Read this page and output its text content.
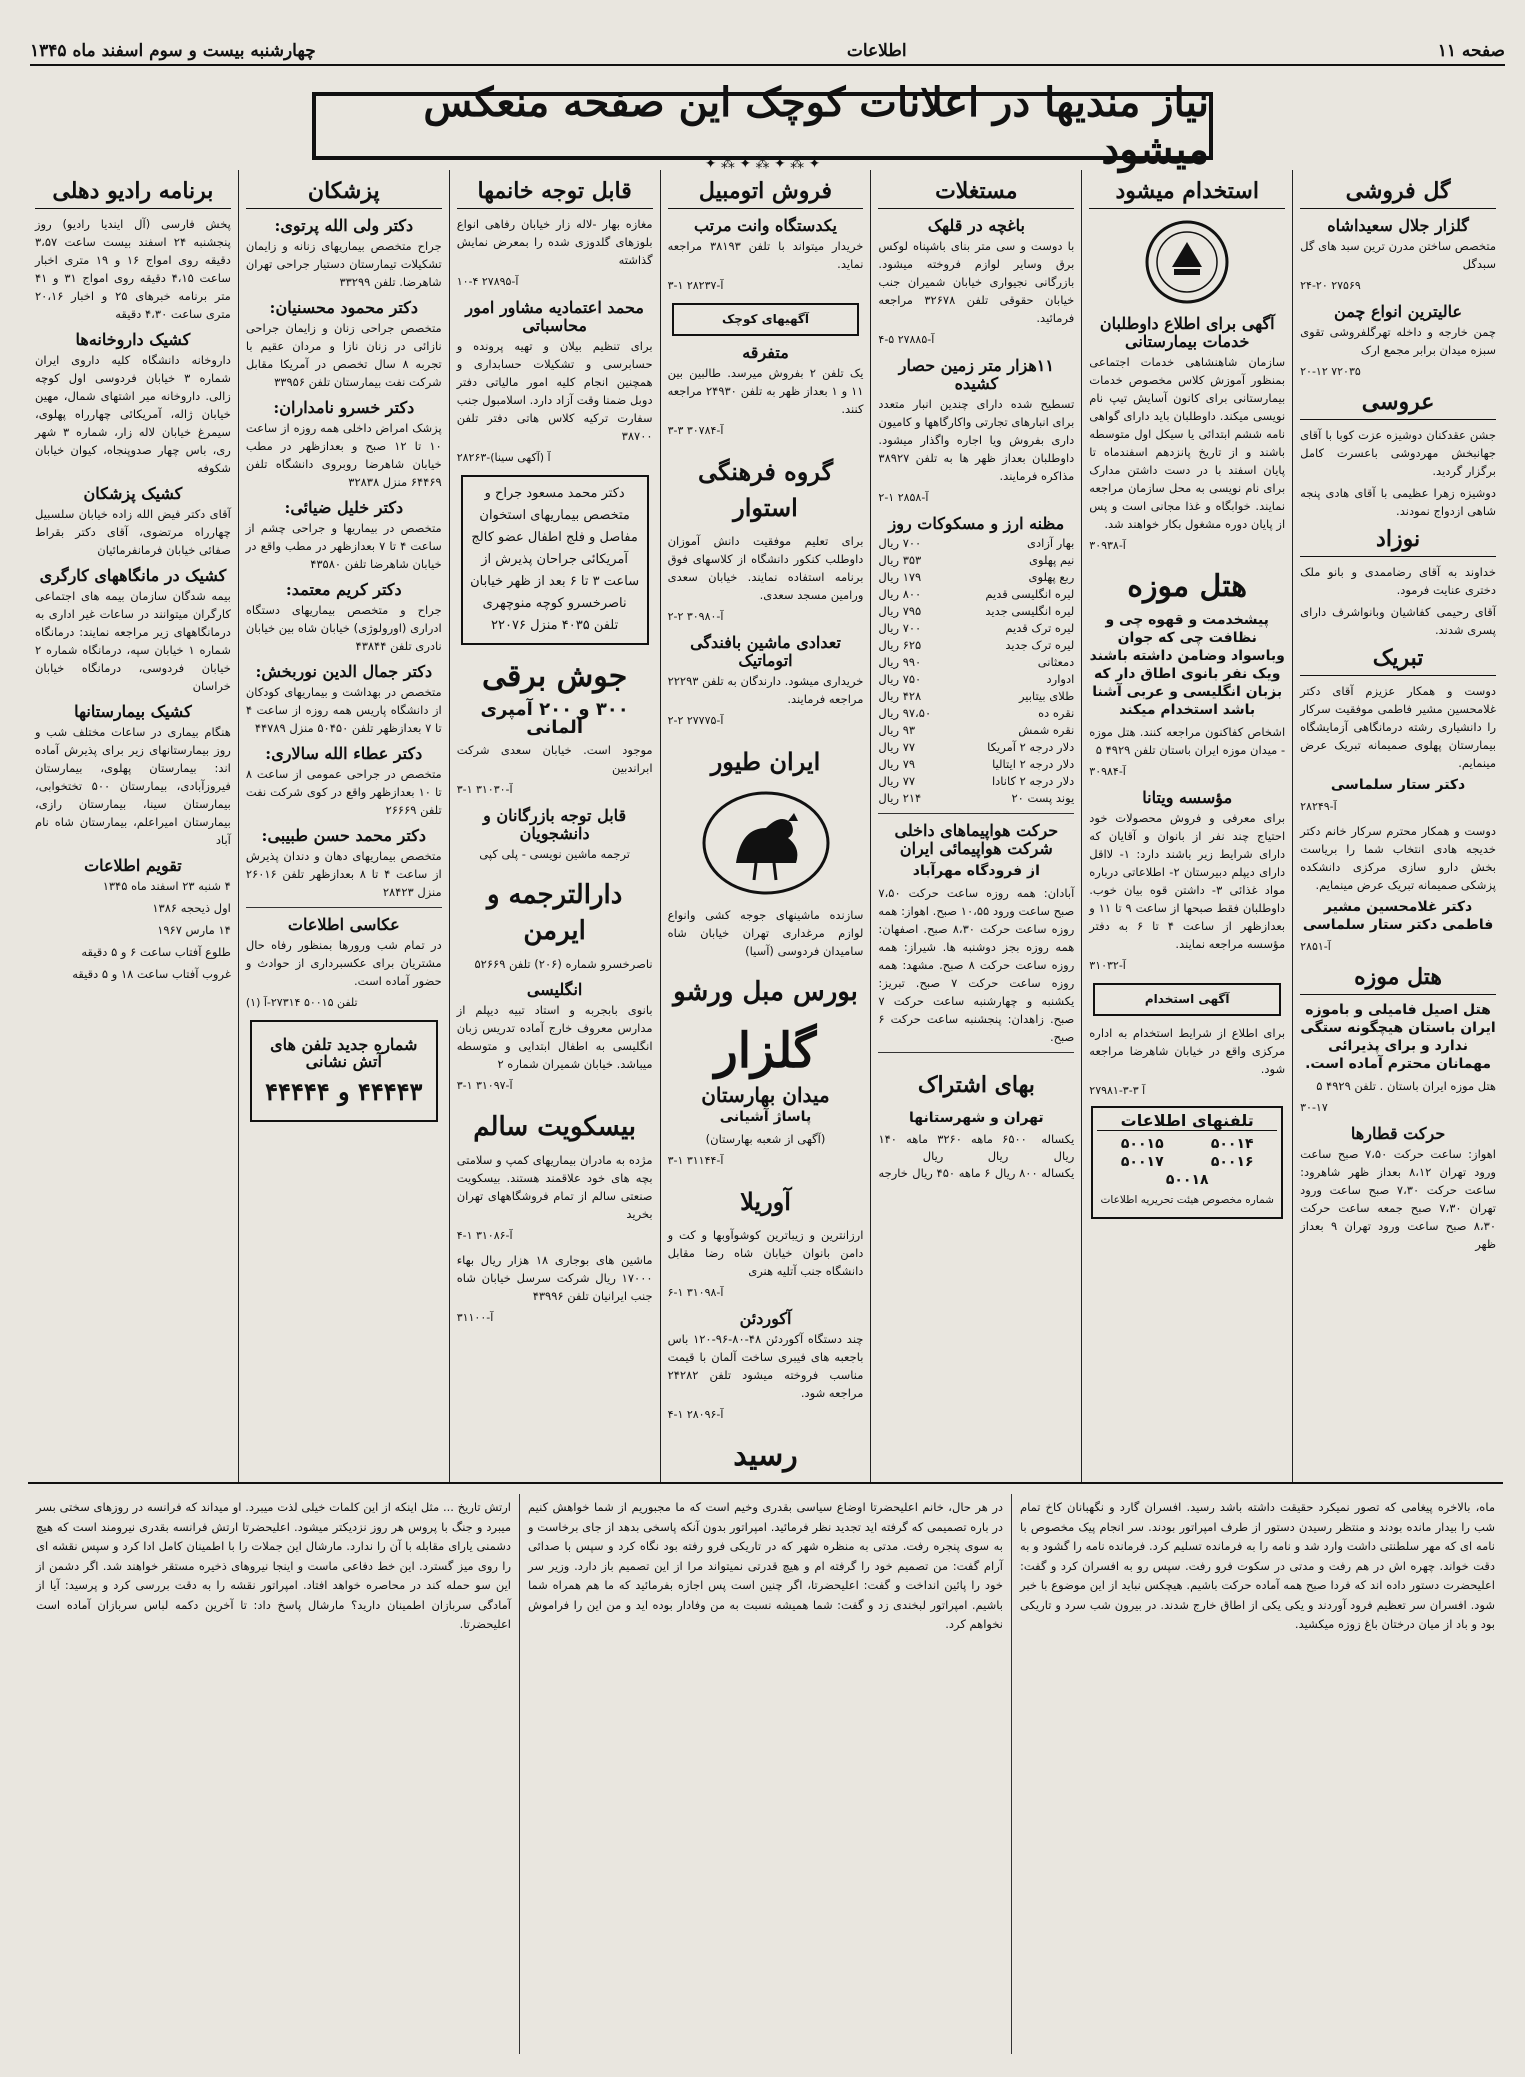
صفحه ۱۱
اطلاعات
چهارشنبه بیست و سوم اسفند ماه ۱۳۴۵
نیاز مندیها در اعلانات کوچک این صفحه منعکس میشود
✦ ⁂ ✦ ⁂ ✦ ⁂ ✦
گل فروشی
گلزار جلال سعیداشاه
متخصص ساختن مدرن ترین سبد های گل سبدگل
۲۴-۲۰ ۲۷۵۶۹
عالیترین انواع چمن
چمن خارجه و داخله تهرگلفروشی تقوی سبزه میدان برابر مجمع ارک
۲۰-۱۲ ۷۲۰۳۵
عروسی
جشن عقدکنان دوشیزه عزت کوبا با آقای جهانبخش مهردوشی باعسرت کامل برگزار گردید.
دوشیزه زهرا عظیمی با آقای هادی پنجه شاهی ازدواج نمودند.
نوزاد
خداوند به آقای رضاممدی و بانو ملک دختری عنایت فرمود.
آقای رحیمی کفاشیان وبانواشرف دارای پسری شدند.
تبریک
دوست و همکار عزیزم آقای دکتر غلامحسین مشیر فاطمی موفقیت سرکار را دانشیاری رشته درمانگاهی آزمایشگاه بیمارستان پهلوی صمیمانه تبریک عرض مینمایم.
دکتر ستار سلماسی
۲۸۲۴۹-آ
دوست و همکار محترم سرکار خانم دکتر خدیجه هادی انتخاب شما را بریاست بخش دارو سازی مرکزی دانشکده پزشکی صمیمانه تبریک عرض مینمایم.
دکتر غلامحسین مشیر فاطمی دکتر ستار سلماسی
۲۸۵۱-آ
هتل موزه
هتل اصیل فامیلی و باموزه ایران باستان هیچگونه ستگی ندارد و برای پذیرائی مهمانان محترم آماده است.
هتل موزه ایران باستان . تلفن ۴۹۲۹ ۵
۳۰-۱۷
حرکت قطارها
اهواز: ساعت حرکت ۷،۵۰ صبح ساعت ورود تهران ۸،۱۲ بعداز ظهر شاهرود: ساعت حرکت ۷،۳۰ صبح ساعت ورود تهران ۷،۳۰ صبح جمعه ساعت حرکت ۸،۳۰ صبح ساعت ورود تهران ۹ بعداز ظهر
استخدام میشود
آگهی برای اطلاع داوطلبان خدمات بیمارستانی
سازمان شاهنشاهی خدمات اجتماعی بمنظور آموزش کلاس مخصوص خدمات بیمارستانی برای کانون آسایش تیپ نام نویسی میکند. داوطلبان باید دارای گواهی نامه ششم ابتدائی یا سیکل اول متوسطه باشند و از تاریخ پانزدهم اسفندماه تا پایان اسفند با در دست داشتن مدارک برای نام نویسی به محل سازمان مراجعه نمایند. خوابگاه و غذا مجانی است و پس از پایان دوره مشغول بکار خواهند شد.
۳۰۹۳۸-آ
هتل موزه
پیشخدمت و قهوه چی و نظافت چی که جوان وباسواد وضامن داشته باشند ویک نفر بانوی اطاق دار که بزبان انگلیسی و عربی آشنا باشد استخدام میکند
اشخاص کفاکنون مراجعه کنند. هتل موزه - میدان موزه ایران باستان تلفن ۴۹۲۹ ۵
۳۰۹۸۴-آ
مؤسسه ویتانا
برای معرفی و فروش محصولات خود احتیاج چند نفر از بانوان و آقایان که دارای شرایط زیر باشند دارد: ۱- لااقل دارای دیپلم دبیرستان ۲- اطلاعاتی درباره مواد غذائی ۳- داشتن قوه بیان خوب. داوطلبان فقط صبحها از ساعت ۹ تا ۱۱ و بعدازظهر از ساعت ۴ تا ۶ به دفتر مؤسسه مراجعه نمایند.
۳۱۰۳۲-آ
آگهی استخدام
برای اطلاع از شرایط استخدام به اداره مرکزی واقع در خیابان شاهرضا مراجعه شود.
۲۷۹۸۱-آ ۳-۳
تلفنهای اطلاعات
۵۰۰۱۴
۵۰۰۱۵
۵۰۰۱۶
۵۰۰۱۷
۵۰۰۱۸
شماره مخصوص هیئت تحریریه اطلاعات
مستغلات
باغچه در قلهک
با دوست و سی متر بنای باشپناه لوکس برق وسایر لوازم فروخته میشود. بازرگانی نجیواری خیابان شمیران جنب خیابان حقوقی تلفن ۳۲۶۷۸ مراجعه فرمائید.
۴-۵ ۲۷۸۸۵-آ
۱۱هزار متر زمین حصار کشیده
تسطیح شده دارای چندین انبار متعدد برای انبارهای تجارتی واکارگاهها و کامیون داری بفروش ویا اجاره واگذار میشود. داوطلبان بعداز ظهر ها به تلفن ۳۸۹۲۷ مذاکره فرمایند.
۲-۱ ۲۸۵۸-آ
مظنه ارز و مسکوکات روز
بهار آزادی
۷۰۰ ریال
نیم پهلوی
۳۵۳ ریال
ربع پهلوی
۱۷۹ ریال
لیره انگلیسی قدیم
۸۰۰ ریال
لیره انگلیسی جدید
۷۹۵ ریال
لیره ترک قدیم
۷۰۰ ریال
لیره ترک جدید
۶۲۵ ریال
دمعثانی
۹۹۰ ریال
ادوارد
۷۵۰ ریال
طلای بیتابیر
۴۲۸ ریال
نقره ده
۹۷،۵۰ ریال
نقره شمش
۹۳ ریال
دلار درجه ۲ آمریکا
۷۷ ریال
دلار درجه ۲ ایتالیا
۷۹ ریال
دلار درجه ۲ کانادا
۷۷ ریال
یوند پست ۲۰
۲۱۴ ریال
حرکت هواپیماهای داخلی شرکت هواپیمائی ایران
از فرودگاه مهرآباد
آبادان: همه روزه ساعت حرکت ۷،۵۰ صبح ساعت ورود ۱۰،۵۵ صبح. اهواز: همه روزه ساعت حرکت ۸،۳۰ صبح. اصفهان: همه روزه بجز دوشنبه ها. شیراز: همه روزه ساعت حرکت ۸ صبح. مشهد: همه روزه ساعت حرکت ۷ صبح. تبریز: یکشنبه و چهارشنبه ساعت حرکت ۷ صبح. زاهدان: پنجشنبه ساعت حرکت ۶ صبح.
بهای اشتراک
تهران و شهرستانها
یکساله ۵۰۰ ریال
۶ ماهه ۲۶۰ ریال
۳ ماهه ۱۴۰ ریال
یکساله ۸۰۰ ریال
۶ ماهه ۴۵۰ ریال
خارجه
فروش اتومبیل
یکدستگاه وانت مرتب
خریدار میتواند با تلفن ۳۸۱۹۳ مراجعه نماید.
۳-۱ ۲۸۲۳۷-آ
آگهیهای کوچک
متفرقه
یک تلفن ۲ بفروش میرسد. طالبین بین ۱۱ و ۱ بعداز ظهر به تلفن ۲۴۹۳۰ مراجعه کنند.
۳-۳ ۳۰۷۸۴-آ
گروه فرهنگی استوار
برای تعلیم موفقیت دانش آموزان داوطلب کنکور دانشگاه از کلاسهای فوق برنامه استفاده نمایند. خیابان سعدی ورامین مسجد سعدی.
۲-۲ ۳۰۹۸۰-آ
تعدادی ماشین بافندگی اتوماتیک
خریداری میشود. دارندگان به تلفن ۲۲۲۹۳ مراجعه فرمایند.
۲-۲ ۲۷۷۷۵-آ
ایران طیور
سازنده ماشینهای جوجه کشی وانواع لوازم مرغداری تهران خیابان شاه سامیدان فردوسی (آسیا)
بورس مبل ورشو
گلزار
میدان بهارستان
پاساژ آشیانی
(آگهی از شعبه بهارستان)
۳-۱ ۳۱۱۴۴-آ
آوریلا
ارزانترین و زیباترین کوشوآوبها و کت و دامن بانوان خیابان شاه رضا مقابل دانشگاه جنب آتلیه هنری
۶-۱ ۳۱۰۹۸-آ
آکوردئن
چند دستگاه آکوردئن ۴۸-۸۰-۹۶-۱۲۰ باس باجعبه های فیبری ساخت آلمان با قیمت مناسب فروخته میشود تلفن ۲۴۲۸۲ مراجعه شود.
۴-۱ ۲۸۰۹۶-آ
رسید
قابل توجه خانمها
مغازه بهار -لاله زار خیابان رفاهی انواع بلوزهای گلدوزی شده را بمعرض نمایش گذاشته
۱۰-۴ ۲۷۸۹۵-آ
محمد اعتمادیه مشاور امور محاسباتی
برای تنظیم بیلان و تهیه پرونده و حسابرسی و تشکیلات حسابداری و همچنین انجام کلیه امور مالیاتی دفتر دوبل ضمنا وقت آزاد دارد. اسلامبول جنب سفارت ترکیه کلاس هاتی دفتر تلفن ۳۸۷۰۰
۲۸۲۶۳-آ (آکهی سینا)
دکتر محمد مسعود جراح و متخصص بیماریهای استخوان مفاصل و فلج اطفال عضو کالج آمریکائی جراحان پذیرش از ساعت ۳ تا ۶ بعد از ظهر خیابان ناصرخسرو کوچه منوچهری تلفن ۴۰۳۵ منزل ۲۲۰۷۶
جوش برقی
۳۰۰ و ۲۰۰ آمپری آلمانی
موجود است. خیابان سعدی شرکت ابراندبین
۳-۱ ۳۱۰۳۰-آ
قابل توجه بازرگانان و دانشجویان
ترجمه ماشین نویسی - پلی کپی
دارالترجمه و ایرمن
ناصرخسرو شماره (۲۰۶) تلفن ۵۲۶۶۹
انگلیسی
بانوی بابجربه و استاد تبیه دیپلم از مدارس معروف خارج آماده تدریس زبان انگلیسی به اطفال ابتدایی و متوسطه میباشد. خیابان شمیران شماره ۲
۳-۱ ۳۱۰۹۷-آ
بیسکویت سالم
مژده به مادران بیماریهای کمپ و سلامتی بچه های خود علاقمند هستند. بیسکویت صنعتی سالم از تمام فروشگاههای تهران بخرید
۴-۱ ۳۱۰۸۶-آ
ماشین های بوجاری ۱۸ هزار ریال بهاء ۱۷۰۰۰ ریال شرکت سرسل خیابان شاه جنب ایرانیان تلفن ۴۳۹۹۶
۳۱۱۰۰-آ
پزشکان
دکتر ولی الله پرتوی:
جراح متخصص بیماریهای زنانه و زایمان تشکیلات تیمارستان دستیار جراحی تهران شاهرضا. تلفن ۳۳۲۹۹
دکتر محمود محسنیان:
متخصص جراحی زنان و زایمان جراحی نازائی در زنان نازا و مردان عقیم با تجربه ۸ سال تخصص در آمریکا مقابل شرکت نفت بیمارستان تلفن ۳۳۹۵۶
دکتر خسرو نامداران:
پزشک امراض داخلی همه روزه از ساعت ۱۰ تا ۱۲ صبح و بعدازظهر در مطب خیابان شاهرضا روبروی دانشگاه تلفن ۶۴۴۶۹ منزل ۳۲۸۳۸
دکتر خلیل ضیائی:
متخصص در بیماریها و جراحی چشم از ساعت ۴ تا ۷ بعدازظهر در مطب واقع در خیابان شاهرضا تلفن ۴۳۵۸۰
دکتر کریم معتمد:
جراح و متخصص بیماریهای دستگاه ادراری (اورولوژی) خیابان شاه بین خیابان نادری تلفن ۴۳۸۴۴
دکتر جمال الدین نوربخش:
متخصص در بهداشت و بیماریهای کودکان از دانشگاه پاریس همه روزه از ساعت ۴ تا ۷ بعدازظهر تلفن ۵۰۴۵۰ منزل ۴۴۷۸۹
دکتر عطاء الله سالاری:
متخصص در جراحی عمومی از ساعت ۸ تا ۱۰ بعدازظهر واقع در کوی شرکت نفت تلفن ۲۶۶۶۹
دکتر محمد حسن طبیبی:
متخصص بیماریهای دهان و دندان پذیرش از ساعت ۴ تا ۸ بعدازظهر تلفن ۲۶۰۱۶ منزل ۲۸۴۲۳
عکاسی اطلاعات
در تمام شب ورورها بمنظور رفاه حال مشتریان برای عکسبرداری از حوادث و حضور آماده است.
تلفن ۵۰۰۱۵ ۲۷۳۱۴-آ (۱)
شماره جدید تلفن های آتش نشانی
۴۴۴۴۳ و ۴۴۴۴۴
برنامه رادیو دهلی
پخش فارسی (آل ایندیا رادیو) روز پنجشنبه ۲۴ اسفند بیست ساعت ۳،۵۷ دقیقه روی امواج ۱۶ و ۱۹ متری اخبار ساعت ۴،۱۵ دقیقه روی امواج ۳۱ و ۴۱ متر برنامه خبرهای ۲۵ و اخبار ۲۰،۱۶ متری ساعت ۴،۳۰ دقیقه
کشیک داروخانه‌ها
داروخانه دانشگاه کلیه داروی ایران شماره ۳ خیابان فردوسی اول کوچه زالی. داروخانه میر اشتهای شمال، مهین خیابان ژاله، آمریکائی چهارراه پهلوی، سیمرغ خیابان لاله زار، شماره ۳ شهر ری، باس چهار صدوپنجاه، کیوان خیابان شکوفه
کشیک پزشکان
آقای دکتر فیض الله زاده خیابان سلسبیل چهارراه مرتضوی، آقای دکتر بقراط صفائی خیابان فرمانفرمائیان
کشیک در مانگاههای کارگری
بیمه شدگان سازمان بیمه های اجتماعی کارگران میتوانند در ساعات غیر اداری به درمانگاههای زیر مراجعه نمایند: درمانگاه شماره ۱ خیابان سپه، درمانگاه شماره ۲ خیابان فردوسی، درمانگاه خیابان خراسان
کشیک بیمارستانها
هنگام بیماری در ساعات مختلف شب و روز بیمارستانهای زیر برای پذیرش آماده اند: بیمارستان پهلوی، بیمارستان فیروزآبادی، بیمارستان ۵۰۰ تختخوابی، بیمارستان سینا، بیمارستان رازی، بیمارستان امیراعلم، بیمارستان شاه نام آباد
تقویم اطلاعات
۴ شنبه ۲۳ اسفند ماه ۱۳۴۵
اول ذیحجه ۱۳۸۶
۱۴ مارس ۱۹۶۷
طلوع آفتاب ساعت ۶ و ۵ دقیقه
غروب آفتاب ساعت ۱۸ و ۵ دقیقه
ماه، بالاخره پیغامی که تصور نمیکرد حقیقت داشته باشد رسید. افسران گارد و نگهبانان کاخ تمام شب را بیدار مانده بودند و منتظر رسیدن دستور از طرف امپراتور بودند. سر انجام پیک مخصوص با نامه ای که مهر سلطنتی داشت وارد شد و نامه را به فرمانده تسلیم کرد. فرمانده نامه را گشود و به دقت خواند. چهره اش در هم رفت و مدتی در سکوت فرو رفت. سپس رو به افسران کرد و گفت: اعلیحضرت دستور داده اند که فردا صبح همه آماده حرکت باشیم. هیچکس نباید از این موضوع با خبر شود. افسران سر تعظیم فرود آوردند و یکی یکی از اطاق خارج شدند. در بیرون شب سرد و تاریکی بود و باد از میان درختان باغ زوزه میکشید.
در هر حال، خانم اعلیحضرتا اوضاع سیاسی بقدری وخیم است که ما مجبوریم از شما خواهش کنیم در باره تصمیمی که گرفته اید تجدید نظر فرمائید. امپراتور بدون آنکه پاسخی بدهد از جای برخاست و به سوی پنجره رفت. مدتی به منظره شهر که در تاریکی فرو رفته بود نگاه کرد و سپس با صدائی آرام گفت: من تصمیم خود را گرفته ام و هیچ قدرتی نمیتواند مرا از این تصمیم باز دارد. وزیر سر خود را پائین انداخت و گفت: اعلیحضرتا، اگر چنین است پس اجازه بفرمائید که ما هم همراه شما باشیم. امپراتور لبخندی زد و گفت: شما همیشه نسبت به من وفادار بوده اید و من این را فراموش نخواهم کرد.
ارتش تاریخ ... مثل اینکه از این کلمات خیلی لذت میبرد. او میداند که فرانسه در روزهای سختی بسر میبرد و جنگ با پروس هر روز نزدیکتر میشود. اعلیحضرتا ارتش فرانسه بقدری نیرومند است که هیچ دشمنی یارای مقابله با آن را ندارد. مارشال این جملات را با اطمینان کامل ادا کرد و سپس نقشه ای را روی میز گسترد. این خط دفاعی ماست و اینجا نیروهای ذخیره مستقر خواهند شد. اگر دشمن از این سو حمله کند در محاصره خواهد افتاد. امپراتور نقشه را به دقت بررسی کرد و پرسید: آیا از آمادگی سربازان اطمینان دارید؟ مارشال پاسخ داد: تا آخرین دکمه لباس سربازان آماده است اعلیحضرتا.
